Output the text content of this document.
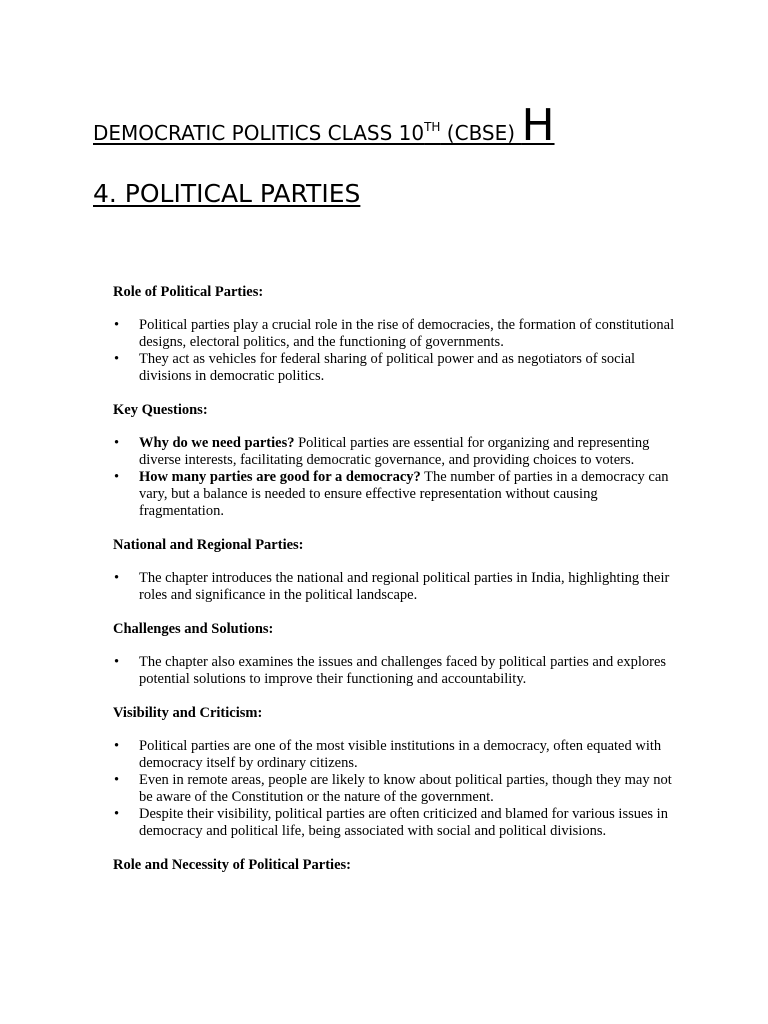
DEMOCRATIC POLITICS CLASS 10TH (CBSE) H
4. POLITICAL PARTIES
Role of Political Parties:
• Political parties play a crucial role in the rise of democracies, the formation of constitutional designs, electoral politics, and the functioning of governments.
• They act as vehicles for federal sharing of political power and as negotiators of social divisions in democratic politics.
Key Questions:
• Why do we need parties? Political parties are essential for organizing and representing diverse interests, facilitating democratic governance, and providing choices to voters.
• How many parties are good for a democracy? The number of parties in a democracy can vary, but a balance is needed to ensure effective representation without causing fragmentation.
National and Regional Parties:
• The chapter introduces the national and regional political parties in India, highlighting their roles and significance in the political landscape.
Challenges and Solutions:
• The chapter also examines the issues and challenges faced by political parties and explores potential solutions to improve their functioning and accountability.
Visibility and Criticism:
• Political parties are one of the most visible institutions in a democracy, often equated with democracy itself by ordinary citizens.
• Even in remote areas, people are likely to know about political parties, though they may not be aware of the Constitution or the nature of the government.
• Despite their visibility, political parties are often criticized and blamed for various issues in democracy and political life, being associated with social and political divisions.
Role and Necessity of Political Parties:
